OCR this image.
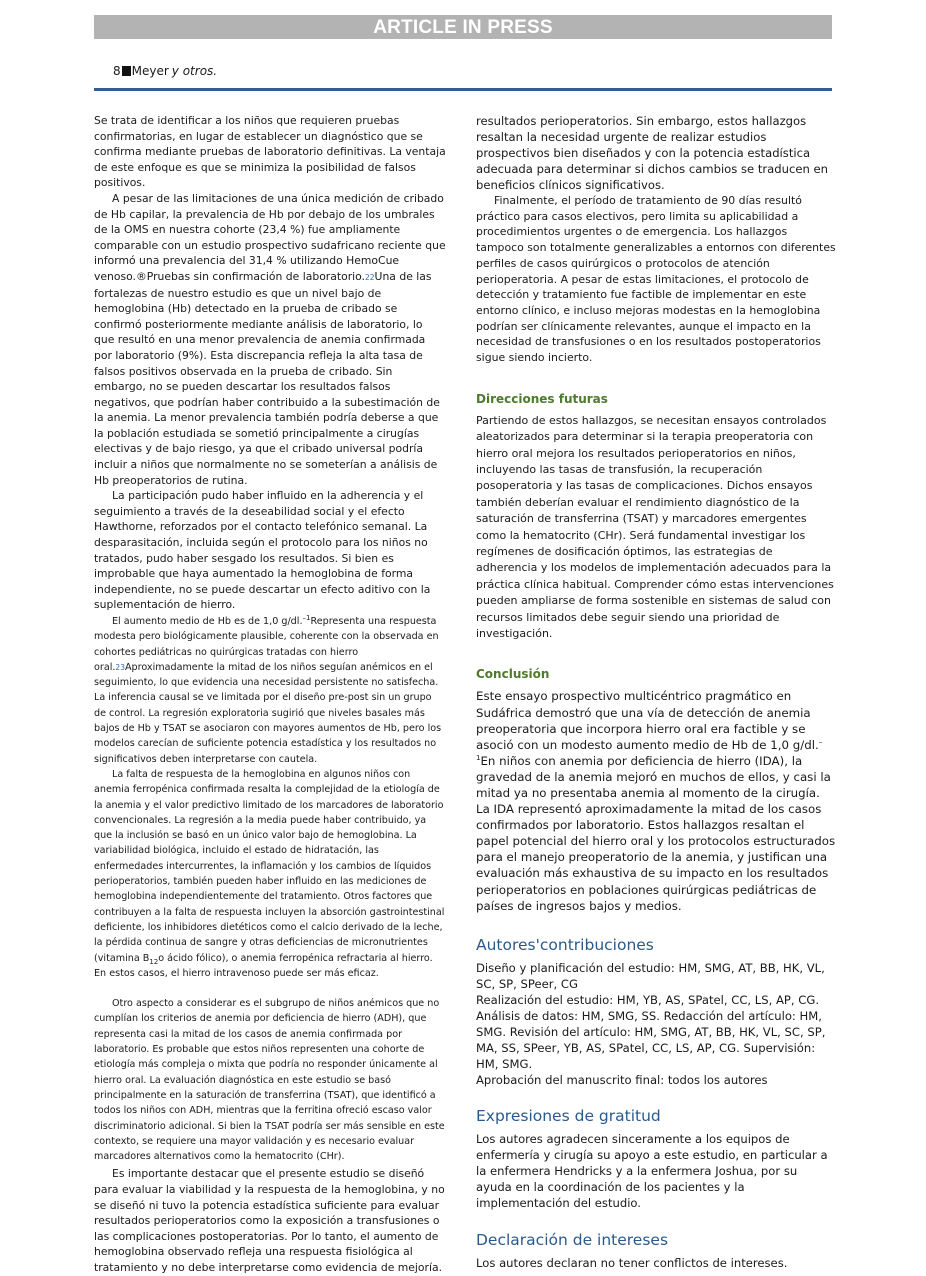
ARTICLE IN PRESS
8 Meyer y otros.

Se trata de identificar a los niños que requieren pruebas confirmatorias, en lugar de establecer un diagnóstico que se confirma mediante pruebas de laboratorio definitivas. La ventaja de este enfoque es que se minimiza la posibilidad de falsos positivos.

A pesar de las limitaciones de una única medición de cribado de Hb capilar, la prevalencia de Hb por debajo de los umbrales de la OMS en nuestra cohorte (23,4 %) fue ampliamente comparable con un estudio prospectivo sudafricano reciente que informó una prevalencia del 31,4 % utilizando HemoCue venoso.®Pruebas sin confirmación de laboratorio.22Una de las fortalezas de nuestro estudio es que un nivel bajo de hemoglobina (Hb) detectado en la prueba de cribado se confirmó posteriormente mediante análisis de laboratorio, lo que resultó en una menor prevalencia de anemia confirmada por laboratorio (9%). Esta discrepancia refleja la alta tasa de falsos positivos observada en la prueba de cribado. Sin embargo, no se pueden descartar los resultados falsos negativos, que podrían haber contribuido a la subestimación de la anemia. La menor prevalencia también podría deberse a que la población estudiada se sometió principalmente a cirugías electivas y de bajo riesgo, ya que el cribado universal podría incluir a niños que normalmente no se someterían a análisis de Hb preoperatorios de rutina.

La participación pudo haber influido en la adherencia y el seguimiento a través de la deseabilidad social y el efecto Hawthorne, reforzados por el contacto telefónico semanal. La desparasitación, incluida según el protocolo para los niños no tratados, pudo haber sesgado los resultados. Si bien es improbable que haya aumentado la hemoglobina de forma independiente, no se puede descartar un efecto aditivo con la suplementación de hierro.

El aumento medio de Hb es de 1,0 g/dl.$^{-1}$Representa una respuesta modesta pero biológicamente plausible, coherente con la observada en cohortes pediátricas no quirúrgicas tratadas con hierro oral.23Aproximadamente la mitad de los niños seguían anémicos en el seguimiento, lo que evidencia una necesidad persistente no satisfecha. La inferencia causal se ve limitada por el diseño pre-post sin un grupo de control. La regresión exploratoria sugirió que niveles basales más bajos de Hb y TSAT se asociaron con mayores aumentos de Hb, pero los modelos carecían de suficiente potencia estadística y los resultados no significativos deben interpretarse con cautela.

La falta de respuesta de la hemoglobina en algunos niños con anemia ferropénica confirmada resalta la complejidad de la etiología de la anemia y el valor predictivo limitado de los marcadores de laboratorio convencionales. La regresión a la media puede haber contribuido, ya que la inclusión se basó en un único valor bajo de hemoglobina. La variabilidad biológica, incluido el estado de hidratación, las enfermedades intercurrentes, la inflamación y los cambios de líquidos perioperatorios, también pueden haber influido en las mediciones de hemoglobina independientemente del tratamiento. Otros factores que contribuyen a la falta de respuesta incluyen la absorción gastrointestinal deficiente, los inhibidores dietéticos como el calcio derivado de la leche, la pérdida continua de sangre y otras deficiencias de micronutrientes (vitamina $B_{12}o$ ácido fólico), o anemia ferropénica refractaria al hierro. En estos casos, el hierro intravenoso puede ser más eficaz.

Otro aspecto a considerar es el subgrupo de niños anémicos que no cumplían los criterios de anemia por deficiencia de hierro (ADH), que representa casi la mitad de los casos de anemia confirmada por laboratorio. Es probable que estos niños representen una cohorte de etiología más compleja o mixta que podría no responder únicamente al hierro oral. La evaluación diagnóstica en este estudio se basó principalmente en la saturación de transferrina (TSAT), que identificó a todos los niños con ADH, mientras que la ferritina ofreció escaso valor discriminatorio adicional. Si bien la TSAT podría ser más sensible en este contexto, se requiere una mayor validación y es necesario evaluar marcadores alternativos como la hematocrito (CHr).

Es importante destacar que el presente estudio se diseñó para evaluar la viabilidad y la respuesta de la hemoglobina, y no se diseñó ni tuvo la potencia estadística suficiente para evaluar resultados perioperatorios como la exposición a transfusiones o las complicaciones postoperatorias. Por lo tanto, el aumento de hemoglobina observado refleja una respuesta fisiológica al tratamiento y no debe interpretarse como evidencia de mejoría.

resultados perioperatorios. Sin embargo, estos hallazgos resaltan la necesidad urgente de realizar estudios prospectivos bien diseñados y con la potencia estadística adecuada para determinar si dichos cambios se traducen en beneficios clínicos significativos.

Finalmente, el período de tratamiento de 90 días resultó práctico para casos electivos, pero limita su aplicabilidad a procedimientos urgentes o de emergencia. Los hallazgos tampoco son totalmente generalizables a entornos con diferentes perfiles de casos quirúrgicos o protocolos de atención perioperatoria. A pesar de estas limitaciones, el protocolo de detección y tratamiento fue factible de implementar en este entorno clínico, e incluso mejoras modestas en la hemoglobina podrían ser clínicamente relevantes, aunque el impacto en la necesidad de transfusiones o en los resultados postoperatorios sigue siendo incierto.

Direcciones futuras

Partiendo de estos hallazgos, se necesitan ensayos controlados aleatorizados para determinar si la terapia preoperatoria con hierro oral mejora los resultados perioperatorios en niños, incluyendo las tasas de transfusión, la recuperación posoperatoria y las tasas de complicaciones. Dichos ensayos también deberían evaluar el rendimiento diagnóstico de la saturación de transferrina (TSAT) y marcadores emergentes como la hematocrito (CHr). Será fundamental investigar los regímenes de dosificación óptimos, las estrategias de adherencia y los modelos de implementación adecuados para la práctica clínica habitual. Comprender cómo estas intervenciones pueden ampliarse de forma sostenible en sistemas de salud con recursos limitados debe seguir siendo una prioridad de investigación.

Conclusión

Este ensayo prospectivo multicéntrico pragmático en Sudáfrica demostró que una vía de detección de anemia preoperatoria que incorpora hierro oral era factible y se asoció con un modesto aumento medio de Hb de 1,0 g/dl.$^{-1}$En niños con anemia por deficiencia de hierro (IDA), la gravedad de la anemia mejoró en muchos de ellos, y casi la mitad ya no presentaba anemia al momento de la cirugía. La IDA representó aproximadamente la mitad de los casos confirmados por laboratorio. Estos hallazgos resaltan el papel potencial del hierro oral y los protocolos estructurados para el manejo preoperatorio de la anemia, y justifican una evaluación más exhaustiva de su impacto en los resultados perioperatorios en poblaciones quirúrgicas pediátricas de países de ingresos bajos y medios.

Autores'contribuciones

Diseño y planificación del estudio: HM, SMG, AT, BB, HK, VL, SC, SP, SPeer, CG

Realización del estudio: HM, YB, AS, SPatel, CC, LS, AP, CG. Análisis de datos: HM, SMG, SS. Redacción del artículo: HM, SMG. Revisión del artículo: HM, SMG, AT, BB, HK, VL, SC, SP, MA, SS, SPeer, YB, AS, SPatel, CC, LS, AP, CG. Supervisión: HM, SMG.

Aprobación del manuscrito final: todos los autores

Expresiones de gratitud

Los autores agradecen sinceramente a los equipos de enfermería y cirugía su apoyo a este estudio, en particular a la enfermera Hendricks y a la enfermera Joshua, por su ayuda en la coordinación de los pacientes y la implementación del estudio.

Declaración de intereses

Los autores declaran no tener conflictos de intereses.
